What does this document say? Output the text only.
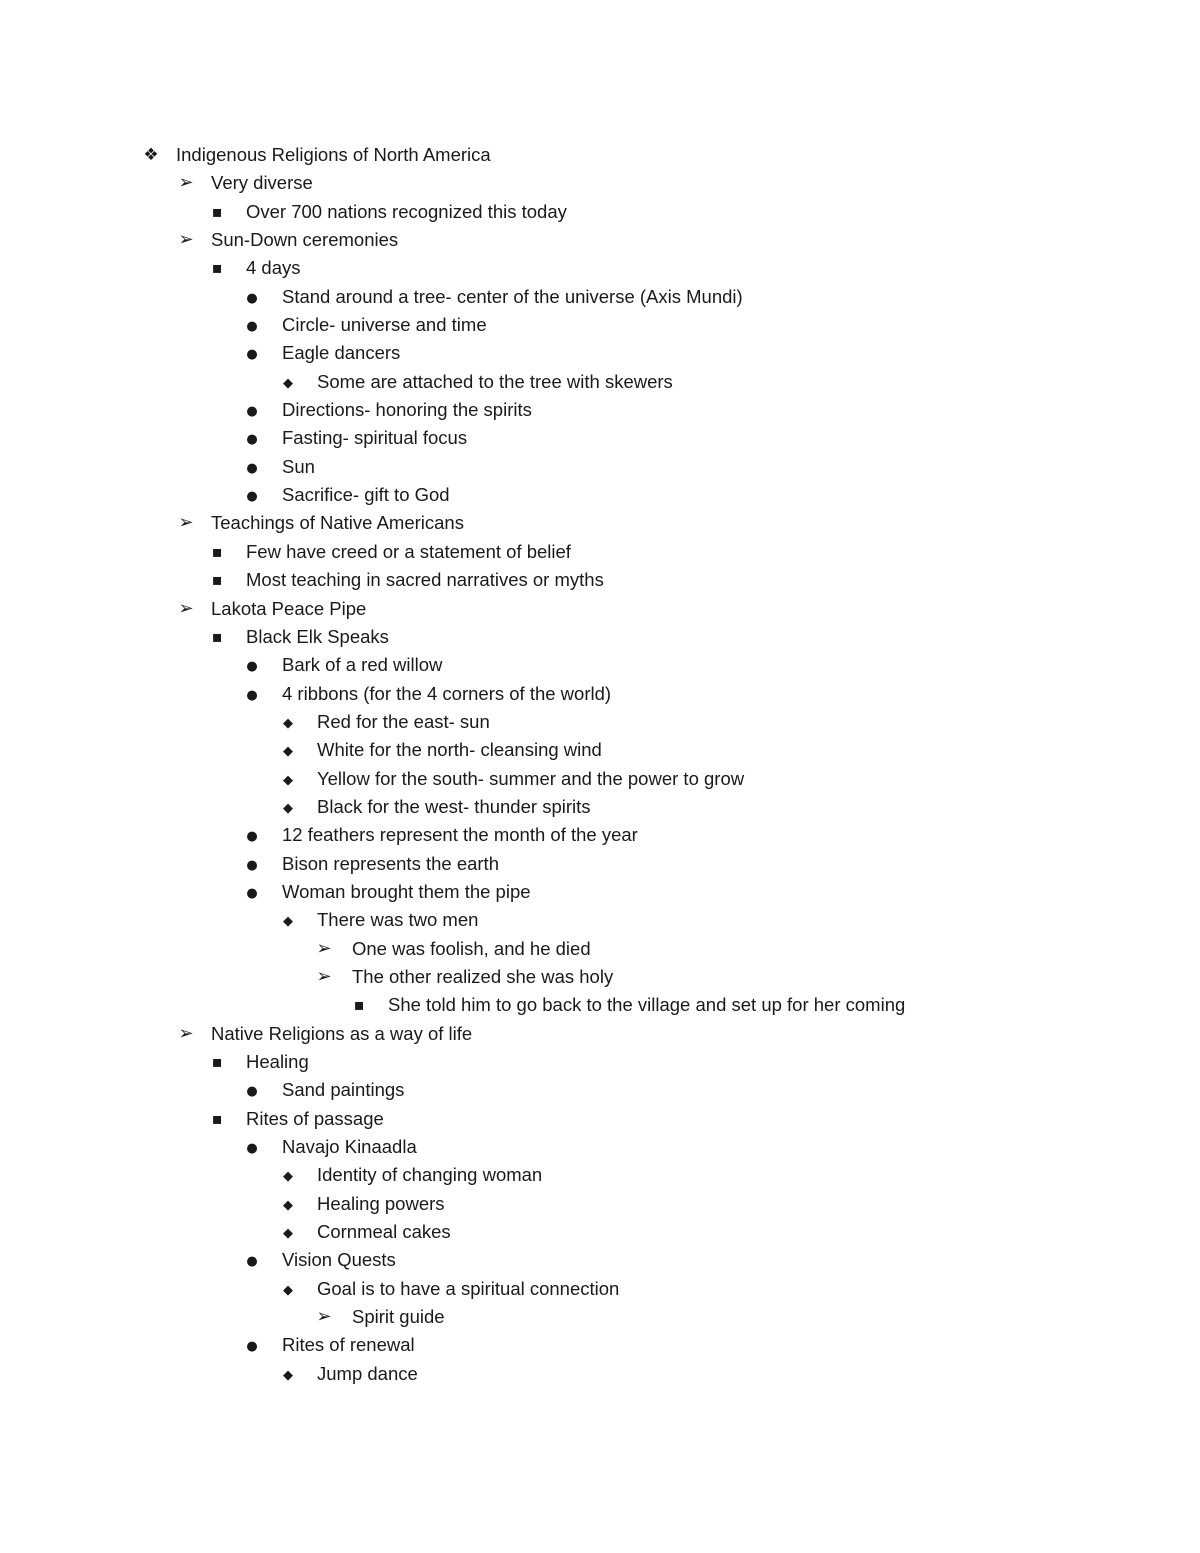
❖
Indigenous Religions of North America
➢
Very diverse
▪
Over 700 nations recognized this today
➢
Sun-Down ceremonies
▪
4 days
●
Stand around a tree- center of the universe (Axis Mundi)
●
Circle- universe and time
●
Eagle dancers
◆
Some are attached to the tree with skewers
●
Directions- honoring the spirits
●
Fasting- spiritual focus
●
Sun
●
Sacrifice- gift to God
➢
Teachings of Native Americans
▪
Few have creed or a statement of belief
▪
Most teaching in sacred narratives or myths
➢
Lakota Peace Pipe
▪
Black Elk Speaks
●
Bark of a red willow
●
4 ribbons (for the 4 corners of the world)
◆
Red for the east- sun
◆
White for the north- cleansing wind
◆
Yellow for the south- summer and the power to grow
◆
Black for the west- thunder spirits
●
12 feathers represent the month of the year
●
Bison represents the earth
●
Woman brought them the pipe
◆
There was two men
➢
One was foolish, and he died
➢
The other realized she was holy
▪
She told him to go back to the village and set up for her coming
➢
Native Religions as a way of life
▪
Healing
●
Sand paintings
▪
Rites of passage
●
Navajo Kinaadla
◆
Identity of changing woman
◆
Healing powers
◆
Cornmeal cakes
●
Vision Quests
◆
Goal is to have a spiritual connection
➢
Spirit guide
●
Rites of renewal
◆
Jump dance
